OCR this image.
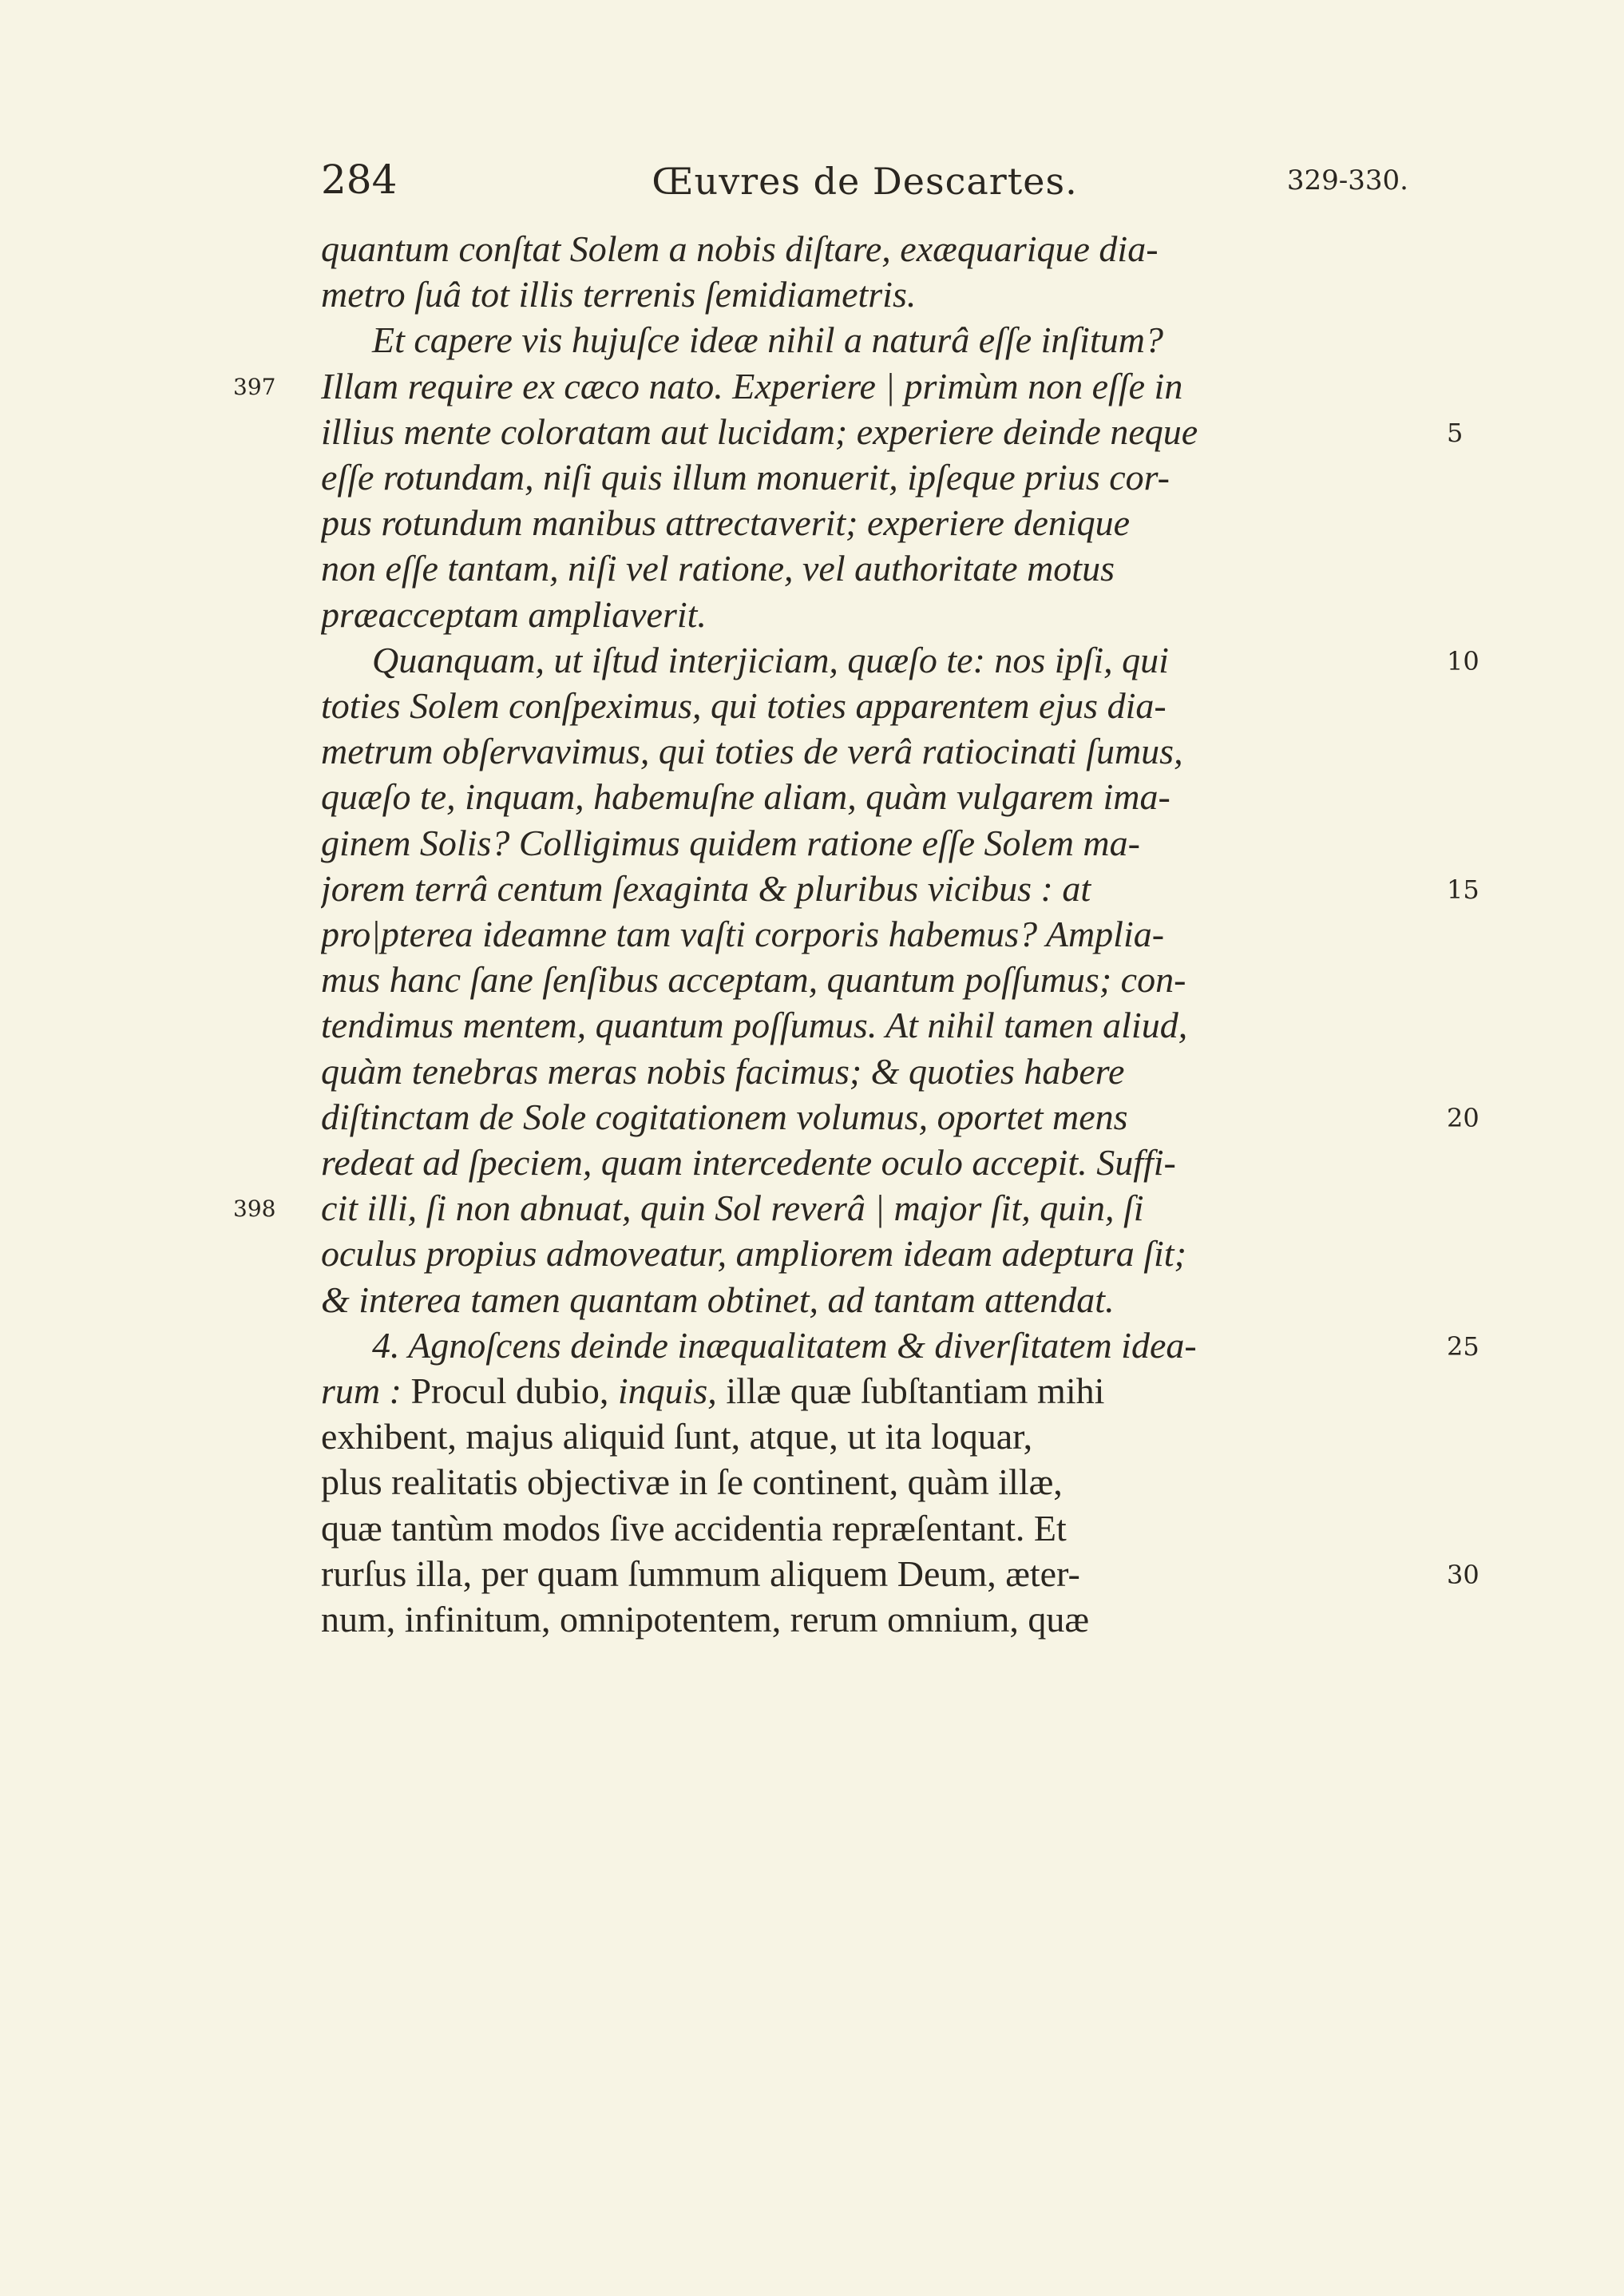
284	Œuvres de Descartes.	329-330.
quantum conſtat Solem a nobis diſtare, exæquarique dia-
metro ſuâ tot illis terrenis ſemidiametris.
Et capere vis hujuſce ideæ nihil a naturâ eſſe inſitum?
Illam require ex cæco nato. Experiere | primùm non eſſe in
illius mente coloratam aut lucidam; experiere deinde neque
eſſe rotundam, niſi quis illum monuerit, ipſeque prius cor-
pus rotundum manibus attrectaverit; experiere denique
non eſſe tantam, niſi vel ratione, vel authoritate motus
præacceptam ampliaverit.
Quanquam, ut iſtud interjiciam, quæſo te: nos ipſi, qui
toties Solem conſpeximus, qui toties apparentem ejus dia-
metrum obſervavimus, qui toties de verâ ratiocinati ſumus,
quæſo te, inquam, habemuſne aliam, quàm vulgarem ima-
ginem Solis? Colligimus quidem ratione eſſe Solem ma-
jorem terrâ centum ſexaginta & pluribus vicibus : at
pro|pterea ideamne tam vaſti corporis habemus? Amplia-
mus hanc ſane ſenſibus acceptam, quantum poſſumus; con-
tendimus mentem, quantum poſſumus. At nihil tamen aliud,
quàm tenebras meras nobis facimus; & quoties habere
diſtinctam de Sole cogitationem volumus, oportet mens
redeat ad ſpeciem, quam intercedente oculo accepit. Suffi-
cit illi, ſi non abnuat, quin Sol reverâ | major ſit, quin, ſi
oculus propius admoveatur, ampliorem ideam adeptura ſit;
& interea tamen quantam obtinet, ad tantam attendat.
4. Agnoſcens deinde inæqualitatem & diverſitatem idea-
rum : Procul dubio, inquis, illæ quæ ſubſtantiam mihi
exhibent, majus aliquid ſunt, atque, ut ita loquar,
plus realitatis objectivæ in ſe continent, quàm illæ,
quæ tantùm modos ſive accidentia repræſentant. Et
rurſus illa, per quam ſummum aliquem Deum, æter-
num, infinitum, omnipotentem, rerum omnium, quæ
397
398
5
10
15
20
25
30
